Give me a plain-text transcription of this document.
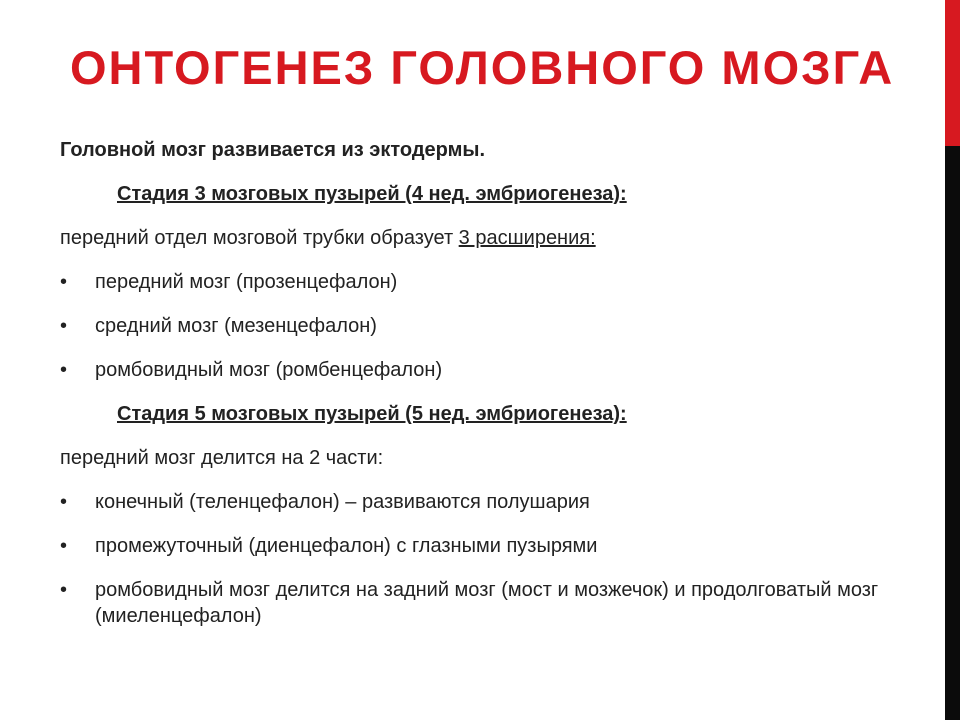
ОНТОГЕНЕЗ ГОЛОВНОГО МОЗГА

Головной мозг развивается из эктодермы.

Стадия 3 мозговых пузырей (4 нед. эмбриогенеза):

передний отдел мозговой трубки образует 3 расширения:

•	передний мозг (прозенцефалон)
•	средний мозг (мезенцефалон)
•	ромбовидный мозг (ромбенцефалон)

Стадия 5 мозговых пузырей (5 нед. эмбриогенеза):

передний мозг делится на 2 части:

•	конечный (теленцефалон) – развиваются полушария
•	промежуточный (диенцефалон) с глазными пузырями
•	ромбовидный мозг делится на задний мозг (мост и мозжечок) и продолговатый мозг (миеленцефалон)
